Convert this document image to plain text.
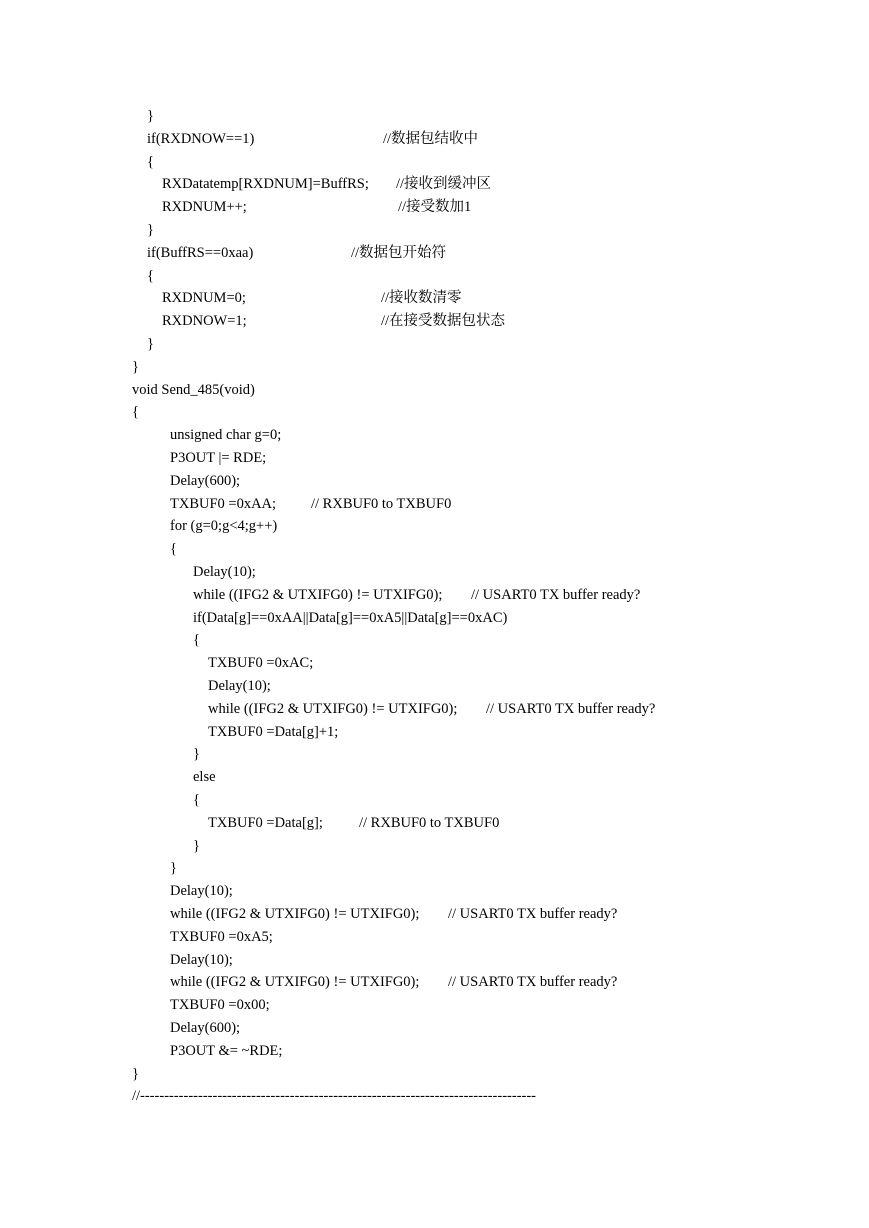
}
if(RXDNOW==1)	//数据包结收中
{
RXDatatemp[RXDNUM]=BuffRS; //接收到缓冲区
RXDNUM++;	//接受数加1
}
if(BuffRS==0xaa)	//数据包开始符
{
RXDNUM=0;	//接收数清零
RXDNOW=1;	//在接受数据包状态
}
}
void Send_485(void)
{
unsigned char g=0;
P3OUT |= RDE;
Delay(600);
TXBUF0 =0xAA; // RXBUF0 to TXBUF0
for (g=0;g<4;g++)
{
Delay(10);
while ((IFG2 & UTXIFG0) != UTXIFG0); // USART0 TX buffer ready?
if(Data[g]==0xAA||Data[g]==0xA5||Data[g]==0xAC)
{
TXBUF0 =0xAC;
Delay(10);
while ((IFG2 & UTXIFG0) != UTXIFG0); // USART0 TX buffer ready?
TXBUF0 =Data[g]+1;
}
else
{
TXBUF0 =Data[g]; // RXBUF0 to TXBUF0
}
}
Delay(10);
while ((IFG2 & UTXIFG0) != UTXIFG0); // USART0 TX buffer ready?
TXBUF0 =0xA5;
Delay(10);
while ((IFG2 & UTXIFG0) != UTXIFG0); // USART0 TX buffer ready?
TXBUF0 =0x00;
Delay(600);
P3OUT &= ~RDE;
}
//----------------------------------------------------------------------------------
